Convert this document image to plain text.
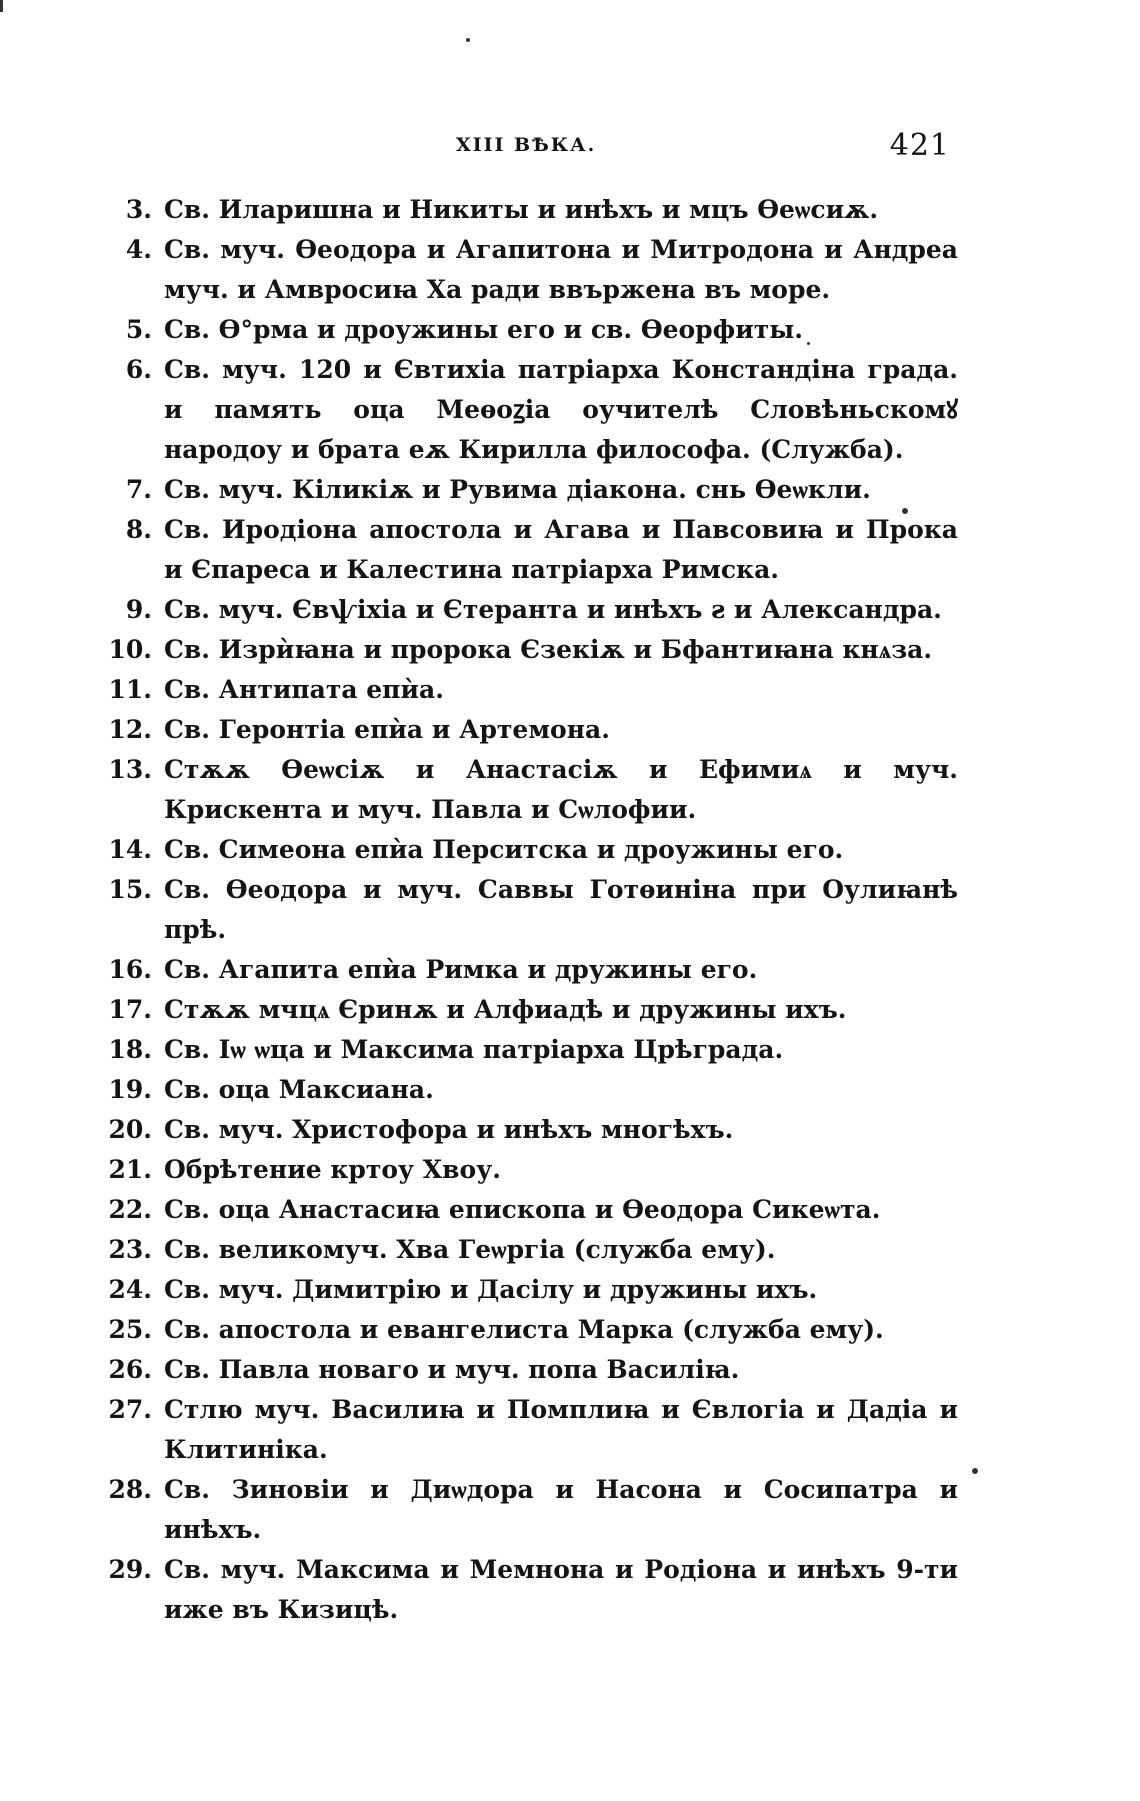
XIII ВѢКА.	421
3. Св. Иларишна и Никиты и инѣхъ и мцъ Ѳеѡсиѫ.
4. Св. муч. Ѳеодора и Агапитона и Митродона и Андреа муч. и Амвросиꙗ Ха ради ввържена въ море.
5. Св. Ѳ°рма и дроужины его и св. Ѳеорфиты.
6. Св. муч. 120 и Євтихіа патріарха Констандіна града. и память оца Меѳоꙁіа оучителѣ Словѣньскомꙋ народоу и брата еѫ Кирилла философа. (Служба).
7. Св. муч. Кіликіѫ и Рувима діакона. снь Ѳеѡкли.
8. Св. Иродіона апостола и Агава и Павсовиꙗ и Прока и Єпареса и Калестина патріарха Римска.
9. Св. муч. Євѱіхіа и Єтеранта и инѣхъ ꙅ и Александра.
10. Св. Изрѝꙗна и пророка Єзекіѫ и Бфантиꙗна кнѧза.
11. Св. Антипата епѝа.
12. Св. Геронтіа епѝа и Артемона.
13. Стѫѫ Ѳеѡсіѫ и Анастасіѫ и Ефимиѧ и муч. Крискента и муч. Павла и Сѡлофии.
14. Св. Симеона епѝа Перситска и дроужины его.
15. Св. Ѳеодора и муч. Саввы Готѳиніна при Оулиꙗнѣ прѣ.
16. Св. Агапита епѝа Римка и дружины его.
17. Стѫѫ мчцѧ Єринѫ и Алфиадѣ и дружины ихъ.
18. Св. Іѡ ѡца и Максима патріарха Црѣграда.
19. Св. оца Максиана.
20. Св. муч. Христофора и инѣхъ многѣхъ.
21. Обрѣтение кртоу Хвоу.
22. Св. оца Анастасиꙗ епископа и Ѳеодора Сикеѡта.
23. Св. великомуч. Хва Геѡргіа (служба ему).
24. Св. муч. Димитрію и Дасілу и дружины ихъ.
25. Св. апостола и евангелиста Марка (служба ему).
26. Св. Павла новаго и муч. попа Василіꙗ.
27. Стлю муч. Василиꙗ и Помплиꙗ и Євлогіа и Дадіа и Клитиніка.
28. Св. Зиновіи и Диѡдора и Насона и Сосипатра и инѣхъ.
29. Св. муч. Максима и Мемнона и Родіона и инѣхъ 9-ти иже въ Кизицѣ.
